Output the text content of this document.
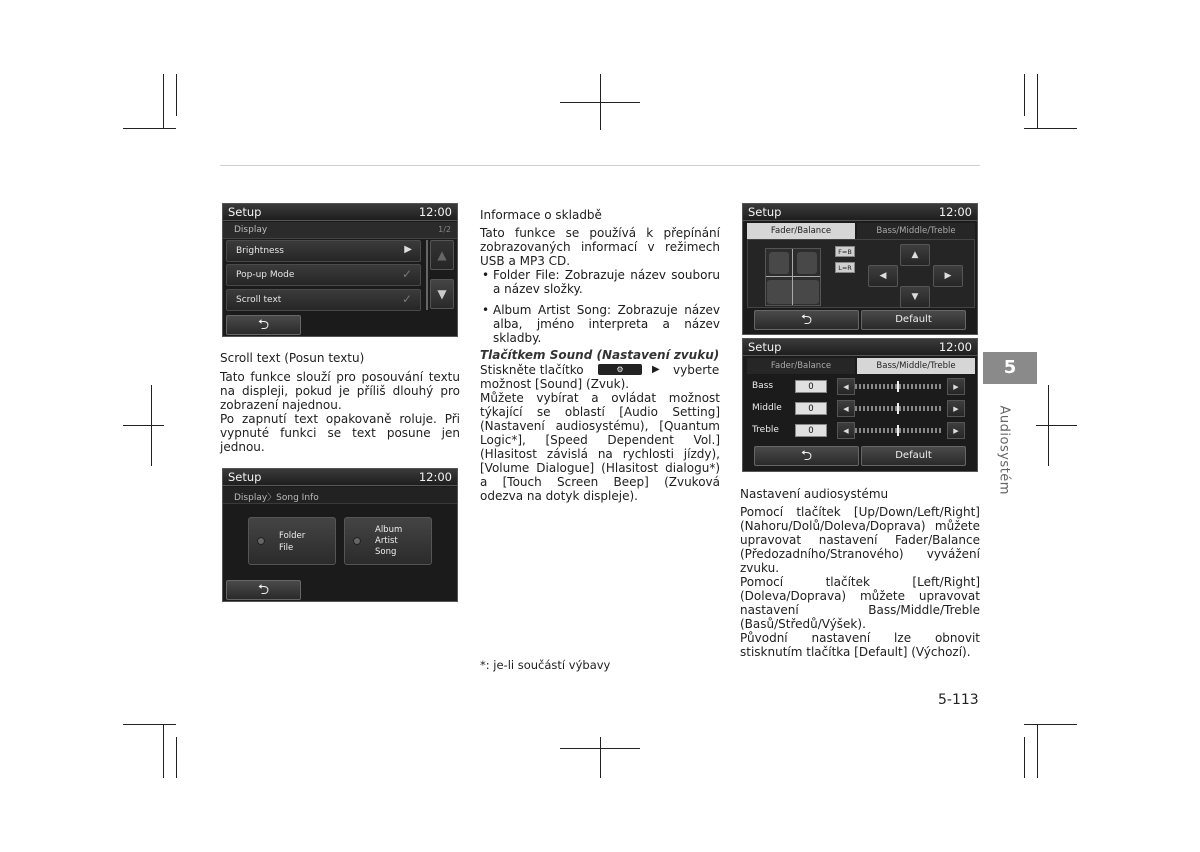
Setup	12:00
Display	1/2
Brightness	▶
Pop-up Mode	✓
Scroll text	✓
▲
▼
⮌
Setup	12:00
Display〉Song Info
Folder
File
Album
Artist
Song
⮌
Setup	12:00
Fader/Balance	Bass/Middle/Treble
F=B
L=R
▲
◀	▶
▼
⮌	Default
Setup	12:00
Fader/Balance	Bass/Middle/Treble
Bass	0	◀	▶
Middle	0	◀	▶
Treble	0	◀	▶
⮌	Default
Scroll text (Posun textu)
Tato funkce slouží pro posouvání textu na displeji, pokud je příliš dlouhý pro zobrazení najednou.
Po zapnutí text opakovaně roluje. Při vypnuté funkci se text posune jen jednou.
Informace o skladbě
Tato funkce se používá k přepínání zobrazovaných informací v režimech USB a MP3 CD.
• Folder File: Zobrazuje název souboru a název složky.
• Album Artist Song: Zobrazuje název alba, jméno interpreta a název skladby.
Tlačítkem Sound (Nastavení zvuku)
Stiskněte tlačítko	⚙	▶ vyberte
možnost [Sound] (Zvuk).
Můžete vybírat a ovládat možnost týkající se oblastí [Audio Setting] (Nastavení audiosystému), [Quantum Logic*], [Speed Dependent Vol.] (Hlasitost závislá na rychlosti jízdy), [Volume Dialogue] (Hlasitost dialogu*) a [Touch Screen Beep] (Zvuková odezva na dotyk displeje).
*: je-li součástí výbavy
Nastavení audiosystému
Pomocí tlačítek [Up/Down/Left/Right] (Nahoru/Dolů/Doleva/Doprava) můžete upravovat nastavení Fader/Balance (Předozadního/Stranového) vyvážení zvuku.
Pomocí tlačítek [Left/Right] (Doleva/Doprava) můžete upravovat nastavení Bass/Middle/Treble (Basů/Středů/Výšek).
Původní nastavení lze obnovit stisknutím tlačítka [Default] (Výchozí).
5
Audiosystém
5-113
